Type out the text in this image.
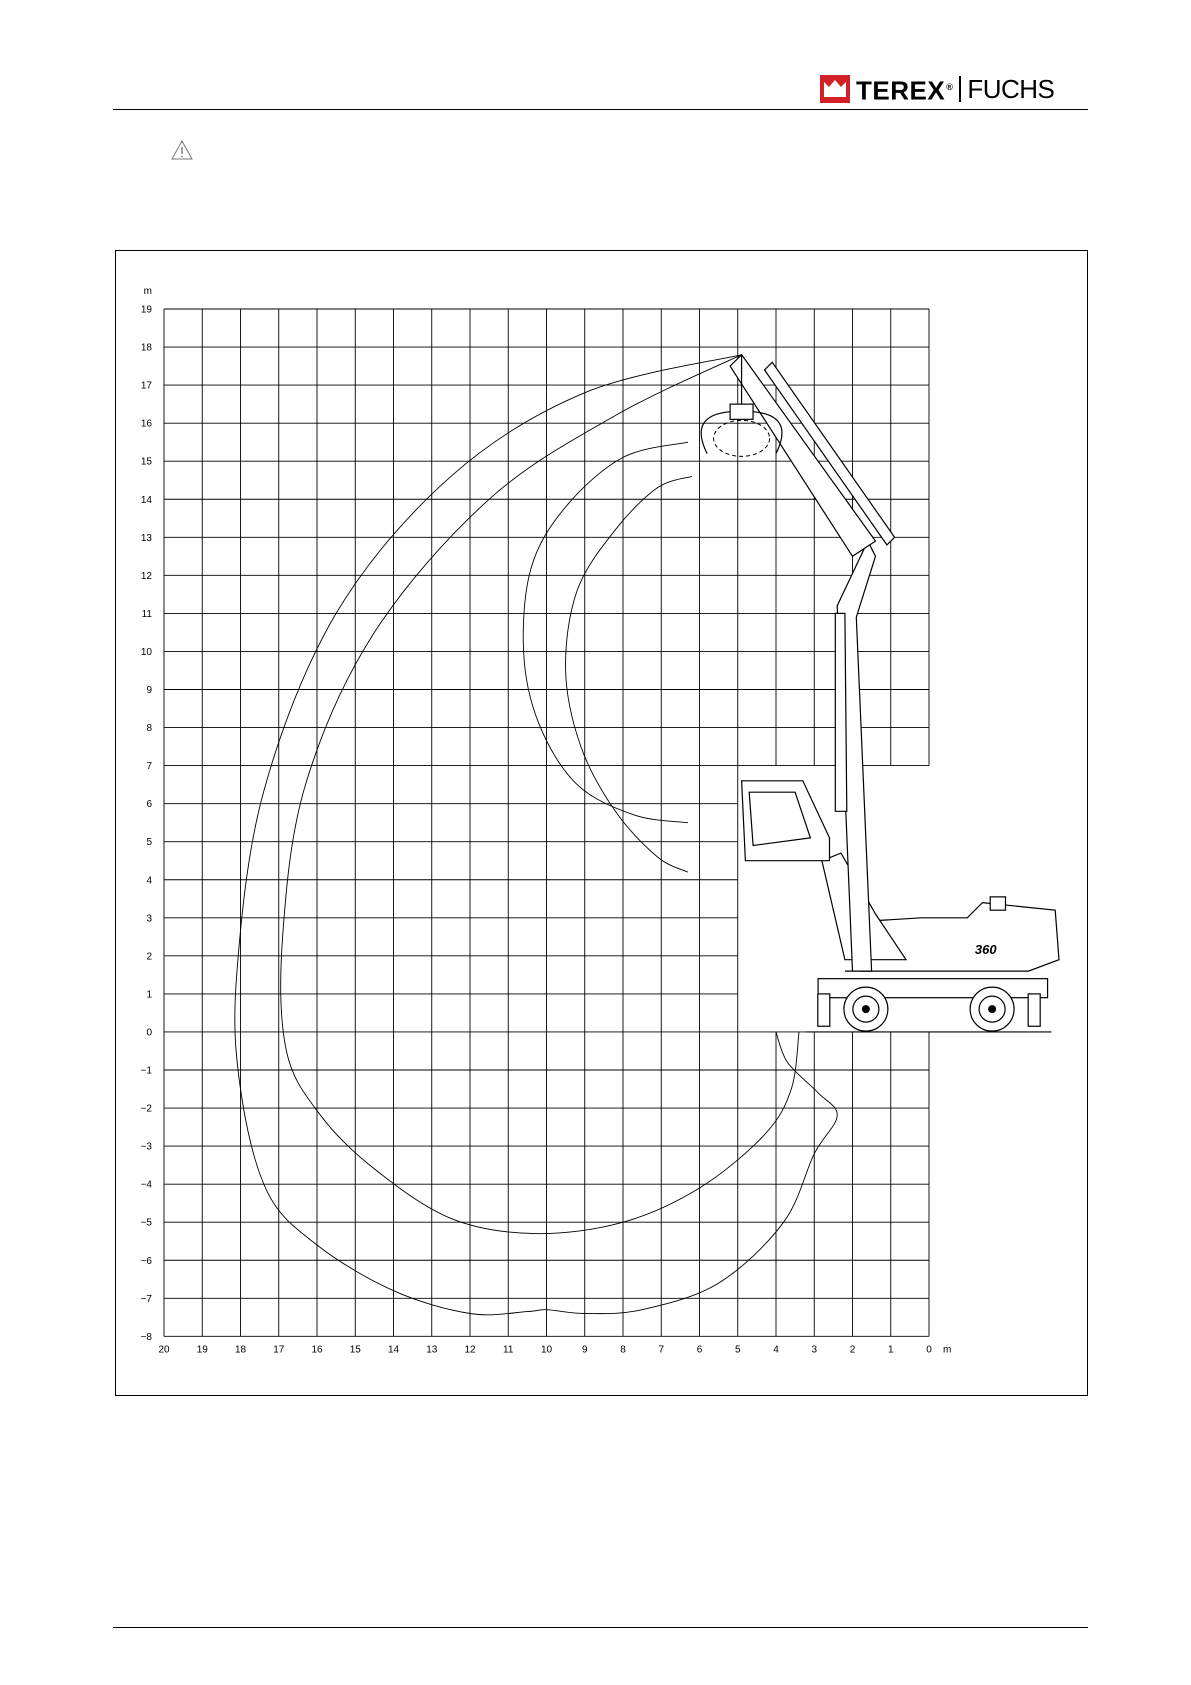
TEREX® FUCHS
360
19
18
17
16
15
14
13
12
11
10
9
8
7
6
5
4
3
2
1
0
−1
−2
−3
−4
−5
−6
−7
−8
20	19	18	17	16	15	14	13	12	11	10	9	8	7	6	5	4	3	2	1	0
m
m
